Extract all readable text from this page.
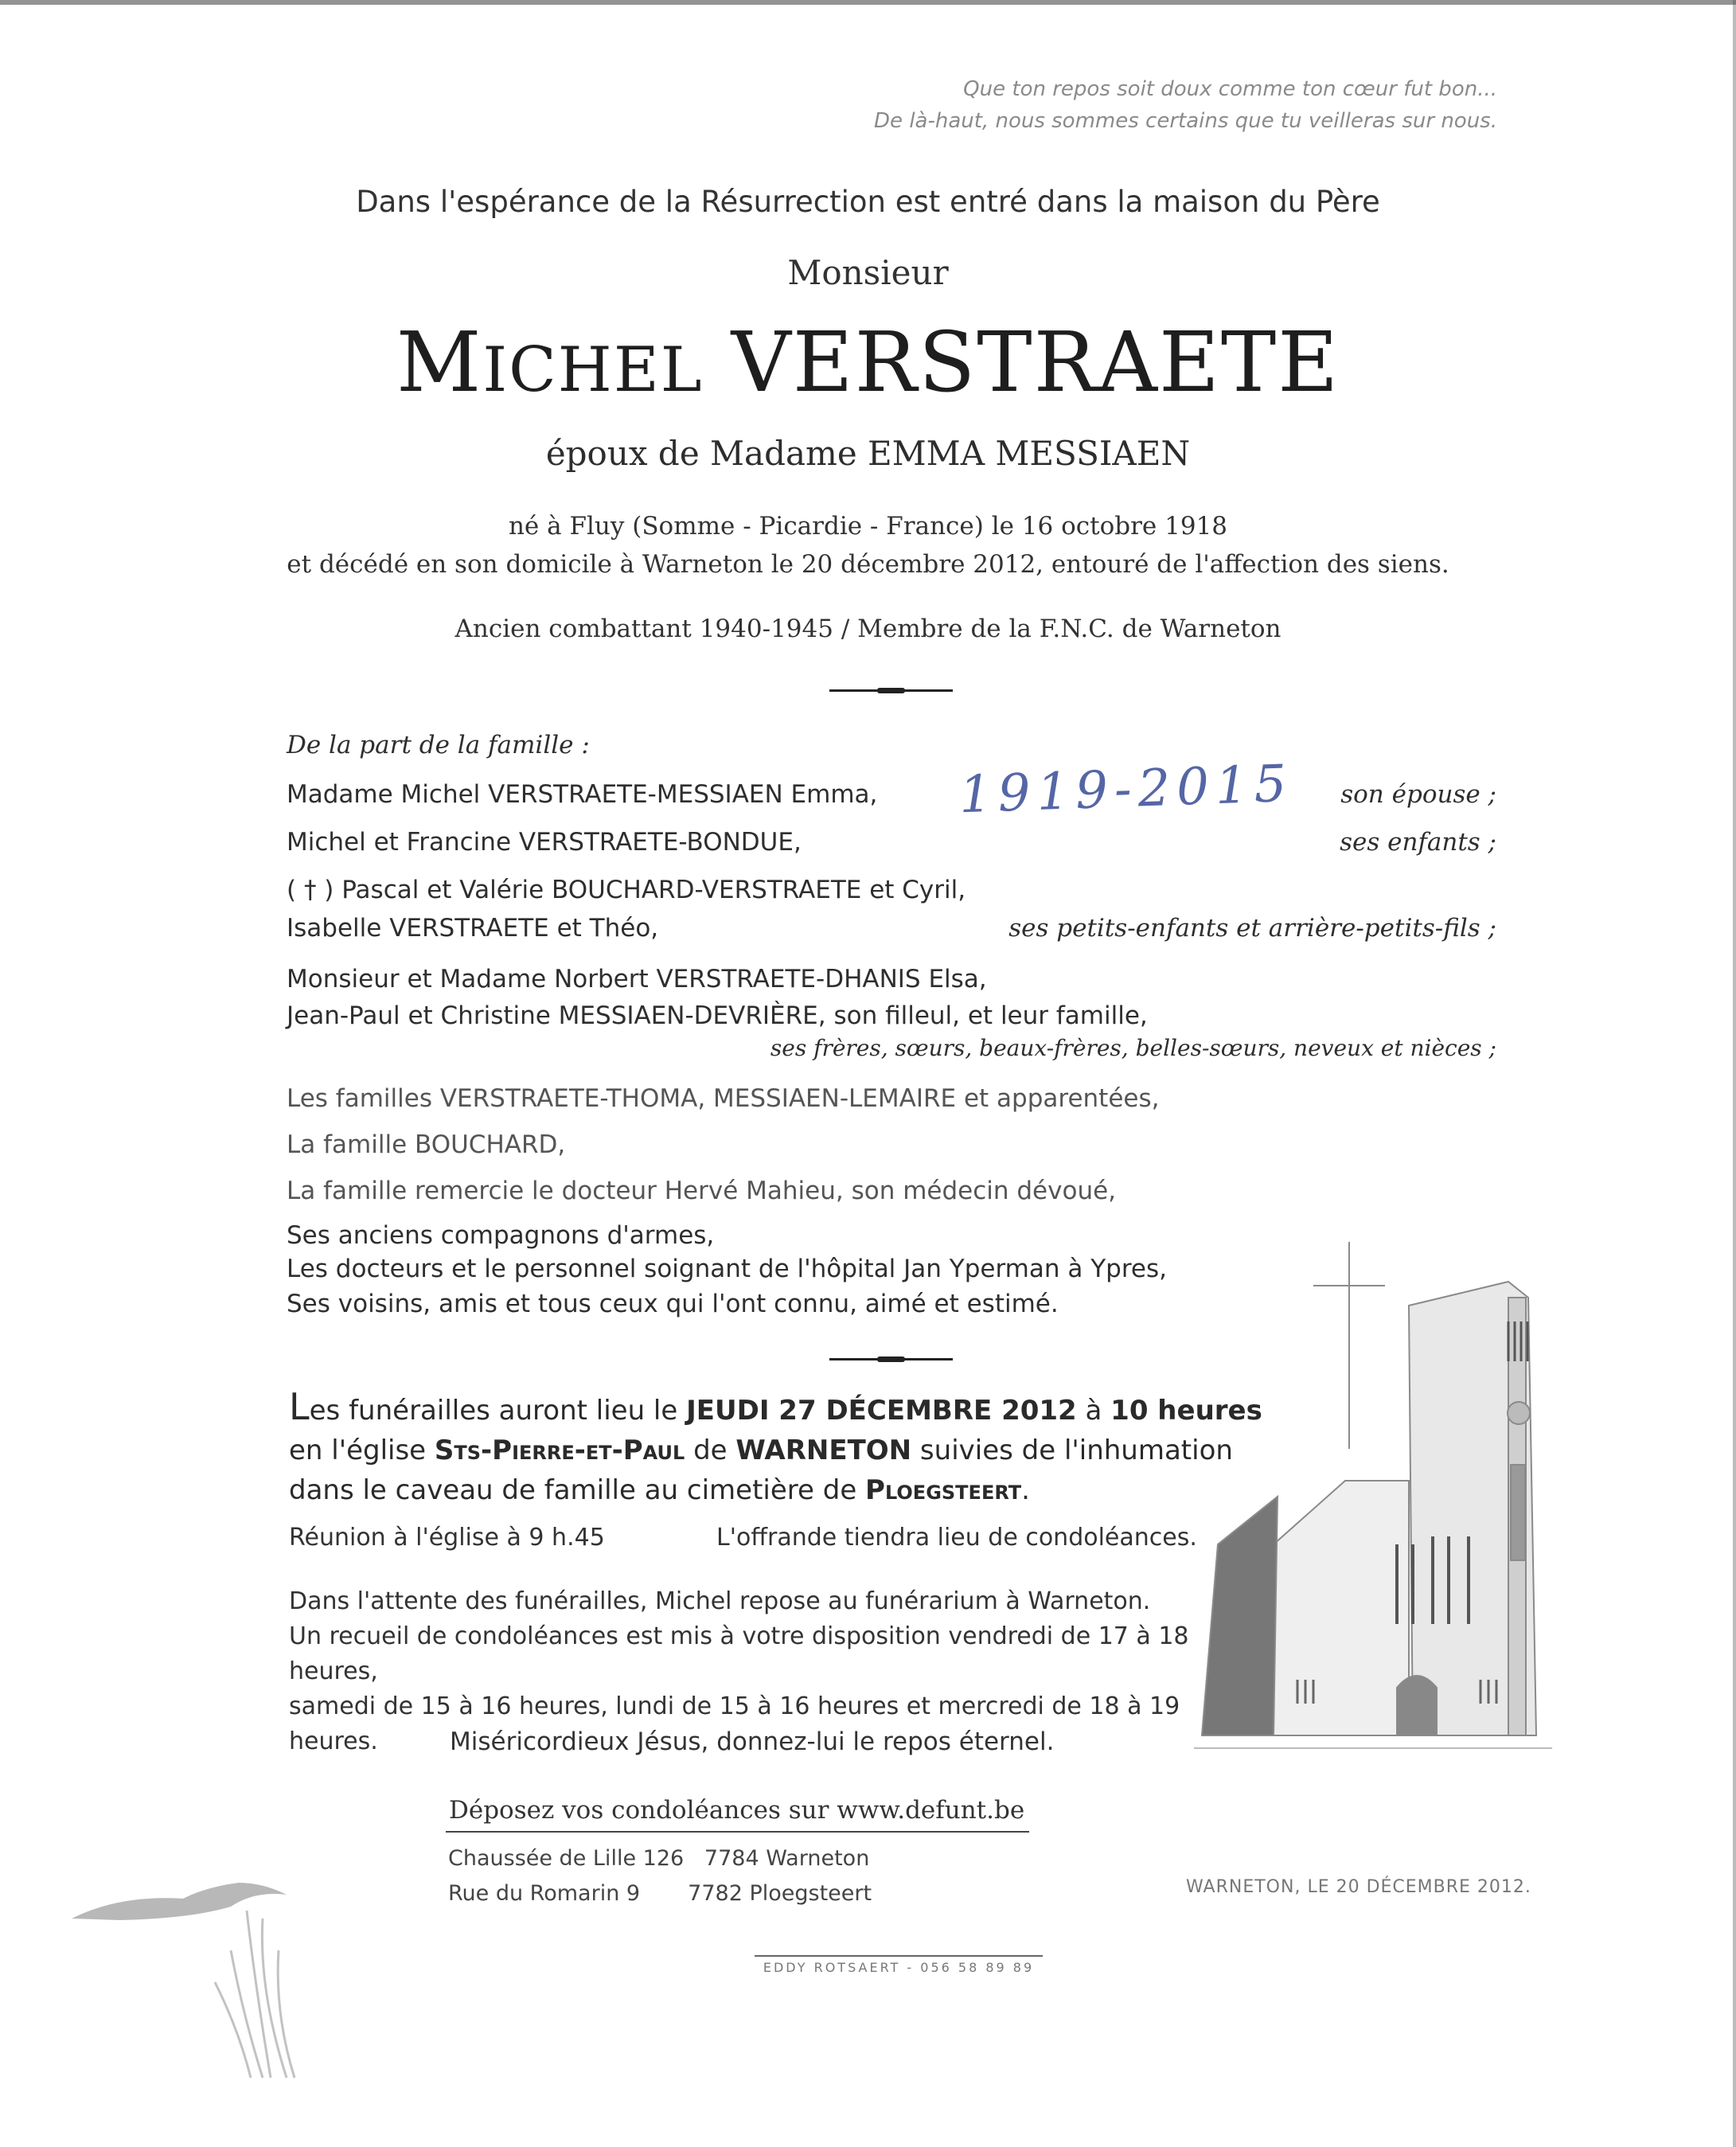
Que ton repos soit doux comme ton cœur fut bon...
De là-haut, nous sommes certains que tu veilleras sur nous.
Dans l'espérance de la Résurrection est entré dans la maison du Père
Monsieur
MICHEL VERSTRAETE
époux de Madame EMMA MESSIAEN
né à Fluy (Somme - Picardie - France) le 16 octobre 1918
et décédé en son domicile à Warneton le 20 décembre 2012, entouré de l'affection des siens.
Ancien combattant 1940-1945 / Membre de la F.N.C. de Warneton
De la part de la famille :
Madame Michel VERSTRAETE-MESSIAEN Emma,	son épouse ;
1919-2015
Michel et Francine VERSTRAETE-BONDUE,	ses enfants ;
( † ) Pascal et Valérie BOUCHARD-VERSTRAETE et Cyril,
Isabelle VERSTRAETE et Théo,	ses petits-enfants et arrière-petits-fils ;
Monsieur et Madame Norbert VERSTRAETE-DHANIS Elsa,
Jean-Paul et Christine MESSIAEN-DEVRIÈRE, son filleul, et leur famille,
ses frères, sœurs, beaux-frères, belles-sœurs, neveux et nièces ;
Les familles VERSTRAETE-THOMA, MESSIAEN-LEMAIRE et apparentées,
La famille BOUCHARD,
La famille remercie le docteur Hervé Mahieu, son médecin dévoué,
Ses anciens compagnons d'armes,
Les docteurs et le personnel soignant de l'hôpital Jan Yperman à Ypres,
Ses voisins, amis et tous ceux qui l'ont connu, aimé et estimé.
Les funérailles auront lieu le JEUDI 27 DÉCEMBRE 2012 à 10 heures
en l'église Sts-Pierre-et-Paul de WARNETON suivies de l'inhumation
dans le caveau de famille au cimetière de Ploegsteert.
Réunion à l'église à 9 h.45	L'offrande tiendra lieu de condoléances.
Dans l'attente des funérailles, Michel repose au funérarium à Warneton.
Un recueil de condoléances est mis à votre disposition vendredi de 17 à 18 heures,
samedi de 15 à 16 heures, lundi de 15 à 16 heures et mercredi de 18 à 19 heures.	Miséricordieux Jésus, donnez-lui le repos éternel.
Déposez vos condoléances sur www.defunt.be
Chaussée de Lille 126 7784 Warneton
Rue du Romarin 9 7782 Ploegsteert	WARNETON, LE 20 DÉCEMBRE 2012.
EDDY ROTSAERT - 056 58 89 89
